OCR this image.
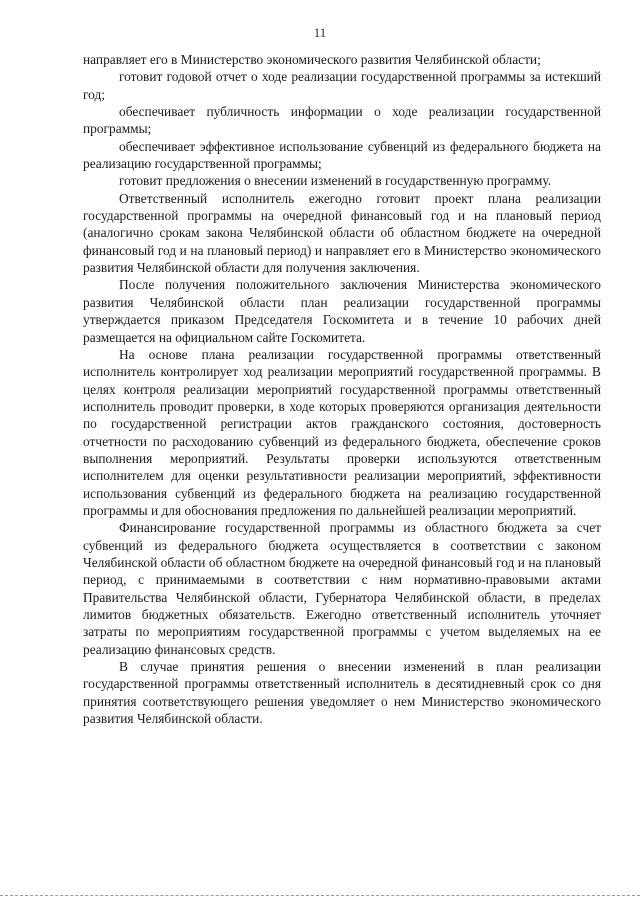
11

направляет его в Министерство экономического развития Челябинской области;

готовит годовой отчет о ходе реализации государственной программы за истекший год;

обеспечивает публичность информации о ходе реализации государственной программы;

обеспечивает эффективное использование субвенций из федерального бюджета на реализацию государственной программы;

готовит предложения о внесении изменений в государственную программу.

Ответственный исполнитель ежегодно готовит проект плана реализации государственной программы на очередной финансовый год и на плановый период (аналогично срокам закона Челябинской области об областном бюджете на очередной финансовый год и на плановый период) и направляет его в Министерство экономического развития Челябинской области для получения заключения.

После получения положительного заключения Министерства экономического развития Челябинской области план реализации государственной программы утверждается приказом Председателя Госкомитета и в течение 10 рабочих дней размещается на официальном сайте Госкомитета.

На основе плана реализации государственной программы ответственный исполнитель контролирует ход реализации мероприятий государственной программы. В целях контроля реализации мероприятий государственной программы ответственный исполнитель проводит проверки, в ходе которых проверяются организация деятельности по государственной регистрации актов гражданского состояния, достоверность отчетности по расходованию субвенций из федерального бюджета, обеспечение сроков выполнения мероприятий. Результаты проверки используются ответственным исполнителем для оценки результативности реализации мероприятий, эффективности использования субвенций из федерального бюджета на реализацию государственной программы и для обоснования предложения по дальнейшей реализации мероприятий.

Финансирование государственной программы из областного бюджета за счет субвенций из федерального бюджета осуществляется в соответствии с законом Челябинской области об областном бюджете на очередной финансовый год и на плановый период, с принимаемыми в соответствии с ним нормативно-правовыми актами Правительства Челябинской области, Губернатора Челябинской области, в пределах лимитов бюджетных обязательств. Ежегодно ответственный исполнитель уточняет затраты по мероприятиям государственной программы с учетом выделяемых на ее реализацию финансовых средств.

В случае принятия решения о внесении изменений в план реализации государственной программы ответственный исполнитель в десятидневный срок со дня принятия соответствующего решения уведомляет о нем Министерство экономического развития Челябинской области.
